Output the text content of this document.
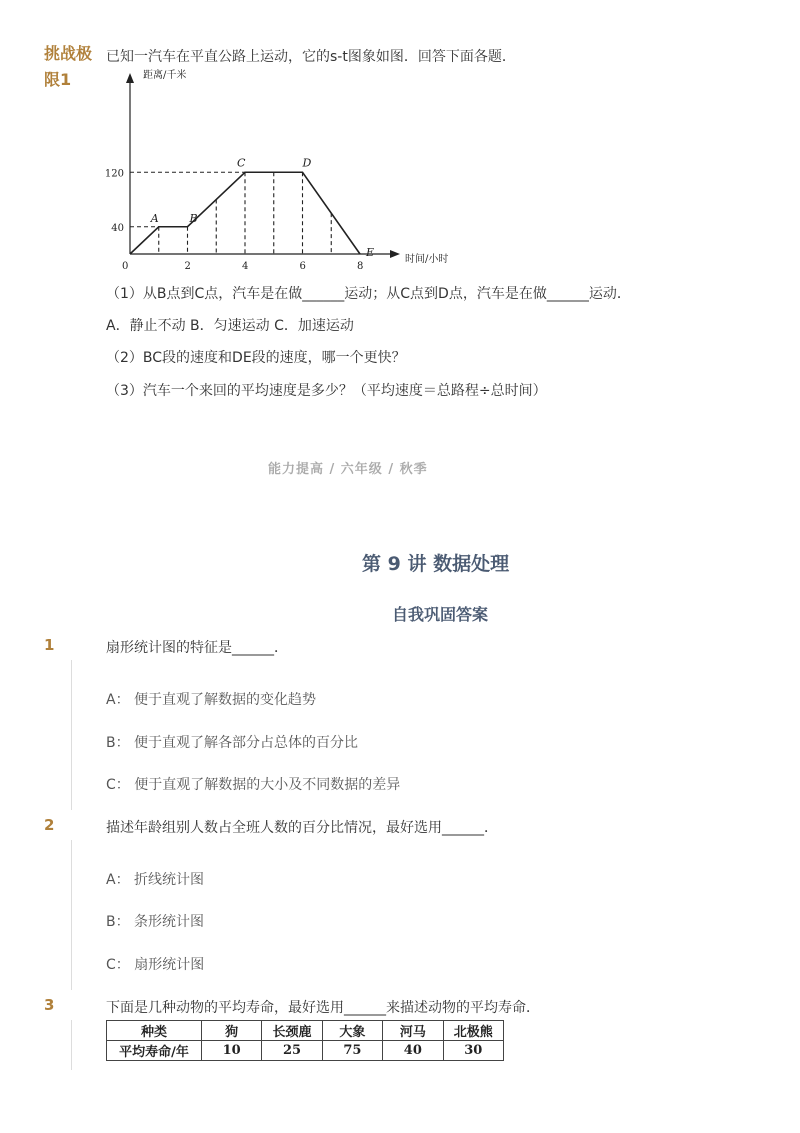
挑战极限1
已知一汽车在平直公路上运动，它的s-t图象如图．回答下面各题．
距离/千米
时间/小时
A	B
C	D
E
0	2	4	6	8
40
120
（1）从B点到C点，汽车是在做______运动；从C点到D点，汽车是在做______运动．
A．静止不动 B．匀速运动 C．加速运动
（2）BC段的速度和DE段的速度，哪一个更快？
（3）汽车一个来回的平均速度是多少？（平均速度＝总路程÷总时间）
能力提高 / 六年级 / 秋季
第 9 讲 数据处理
自我巩固答案
1	扇形统计图的特征是______．
A： 便于直观了解数据的变化趋势
B： 便于直观了解各部分占总体的百分比
C： 便于直观了解数据的大小及不同数据的差异
2	描述年龄组别人数占全班人数的百分比情况，最好选用______．
A： 折线统计图
B： 条形统计图
C： 扇形统计图
3	下面是几种动物的平均寿命，最好选用______来描述动物的平均寿命．
种类	狗	长颈鹿	大象	河马	北极熊
平均寿命/年	10	25	75	40	30
